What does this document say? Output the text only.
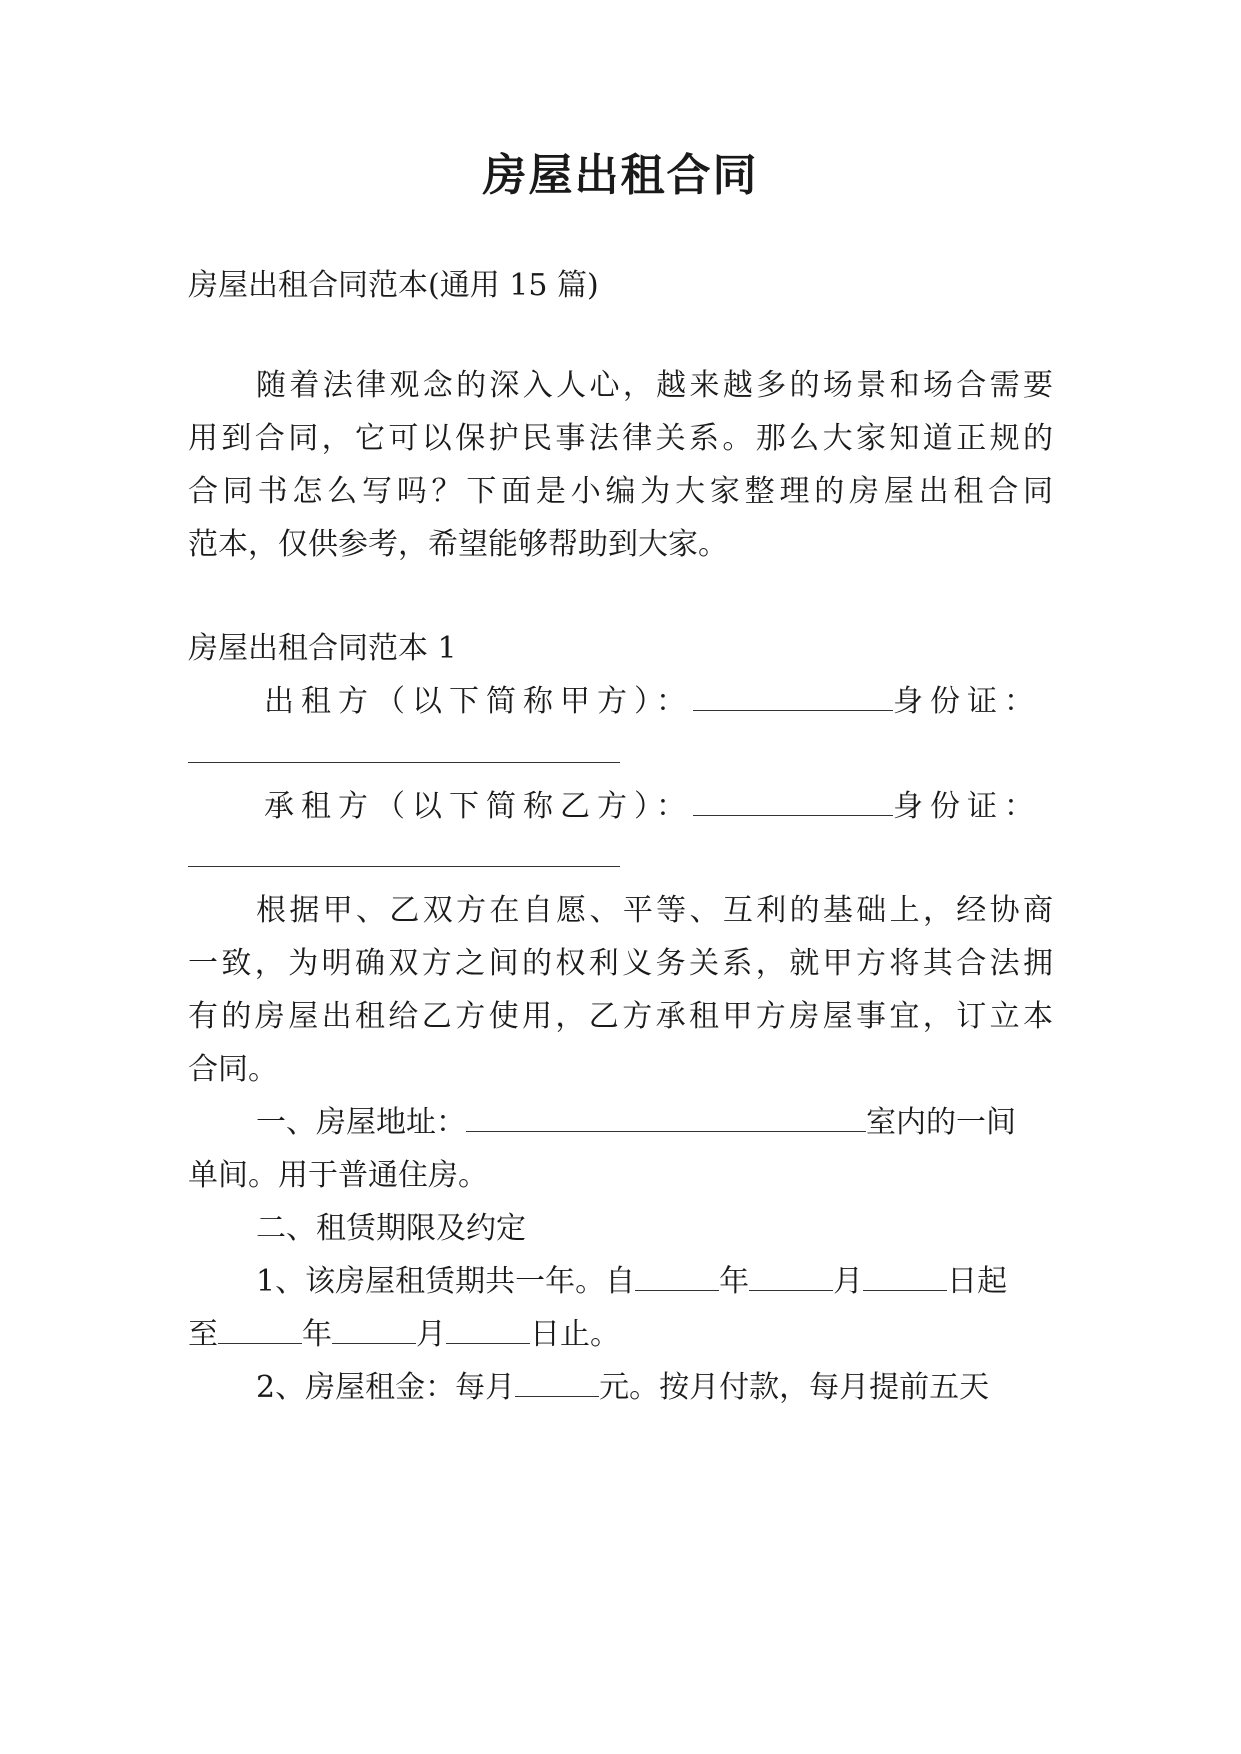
房屋出租合同
房屋出租合同范本(通用 15 篇)
随着法律观念的深入人心，越来越多的场景和场合需要
用到合同，它可以保护民事法律关系。那么大家知道正规的
合同书怎么写吗？下面是小编为大家整理的房屋出租合同
范本，仅供参考，希望能够帮助到大家。
房屋出租合同范本 1
出租方（以下简称甲方）：	身份证：
承租方（以下简称乙方）：	身份证：
根据甲、乙双方在自愿、平等、互利的基础上，经协商
一致，为明确双方之间的权利义务关系，就甲方将其合法拥
有的房屋出租给乙方使用，乙方承租甲方房屋事宜，订立本
合同。
一、房屋地址：	室内的一间
单间。用于普通住房。
二、租赁期限及约定
1、该房屋租赁期共一年。自	年	月	日起
至	年	月	日止。
2、房屋租金：每月	元。按月付款，每月提前五天
